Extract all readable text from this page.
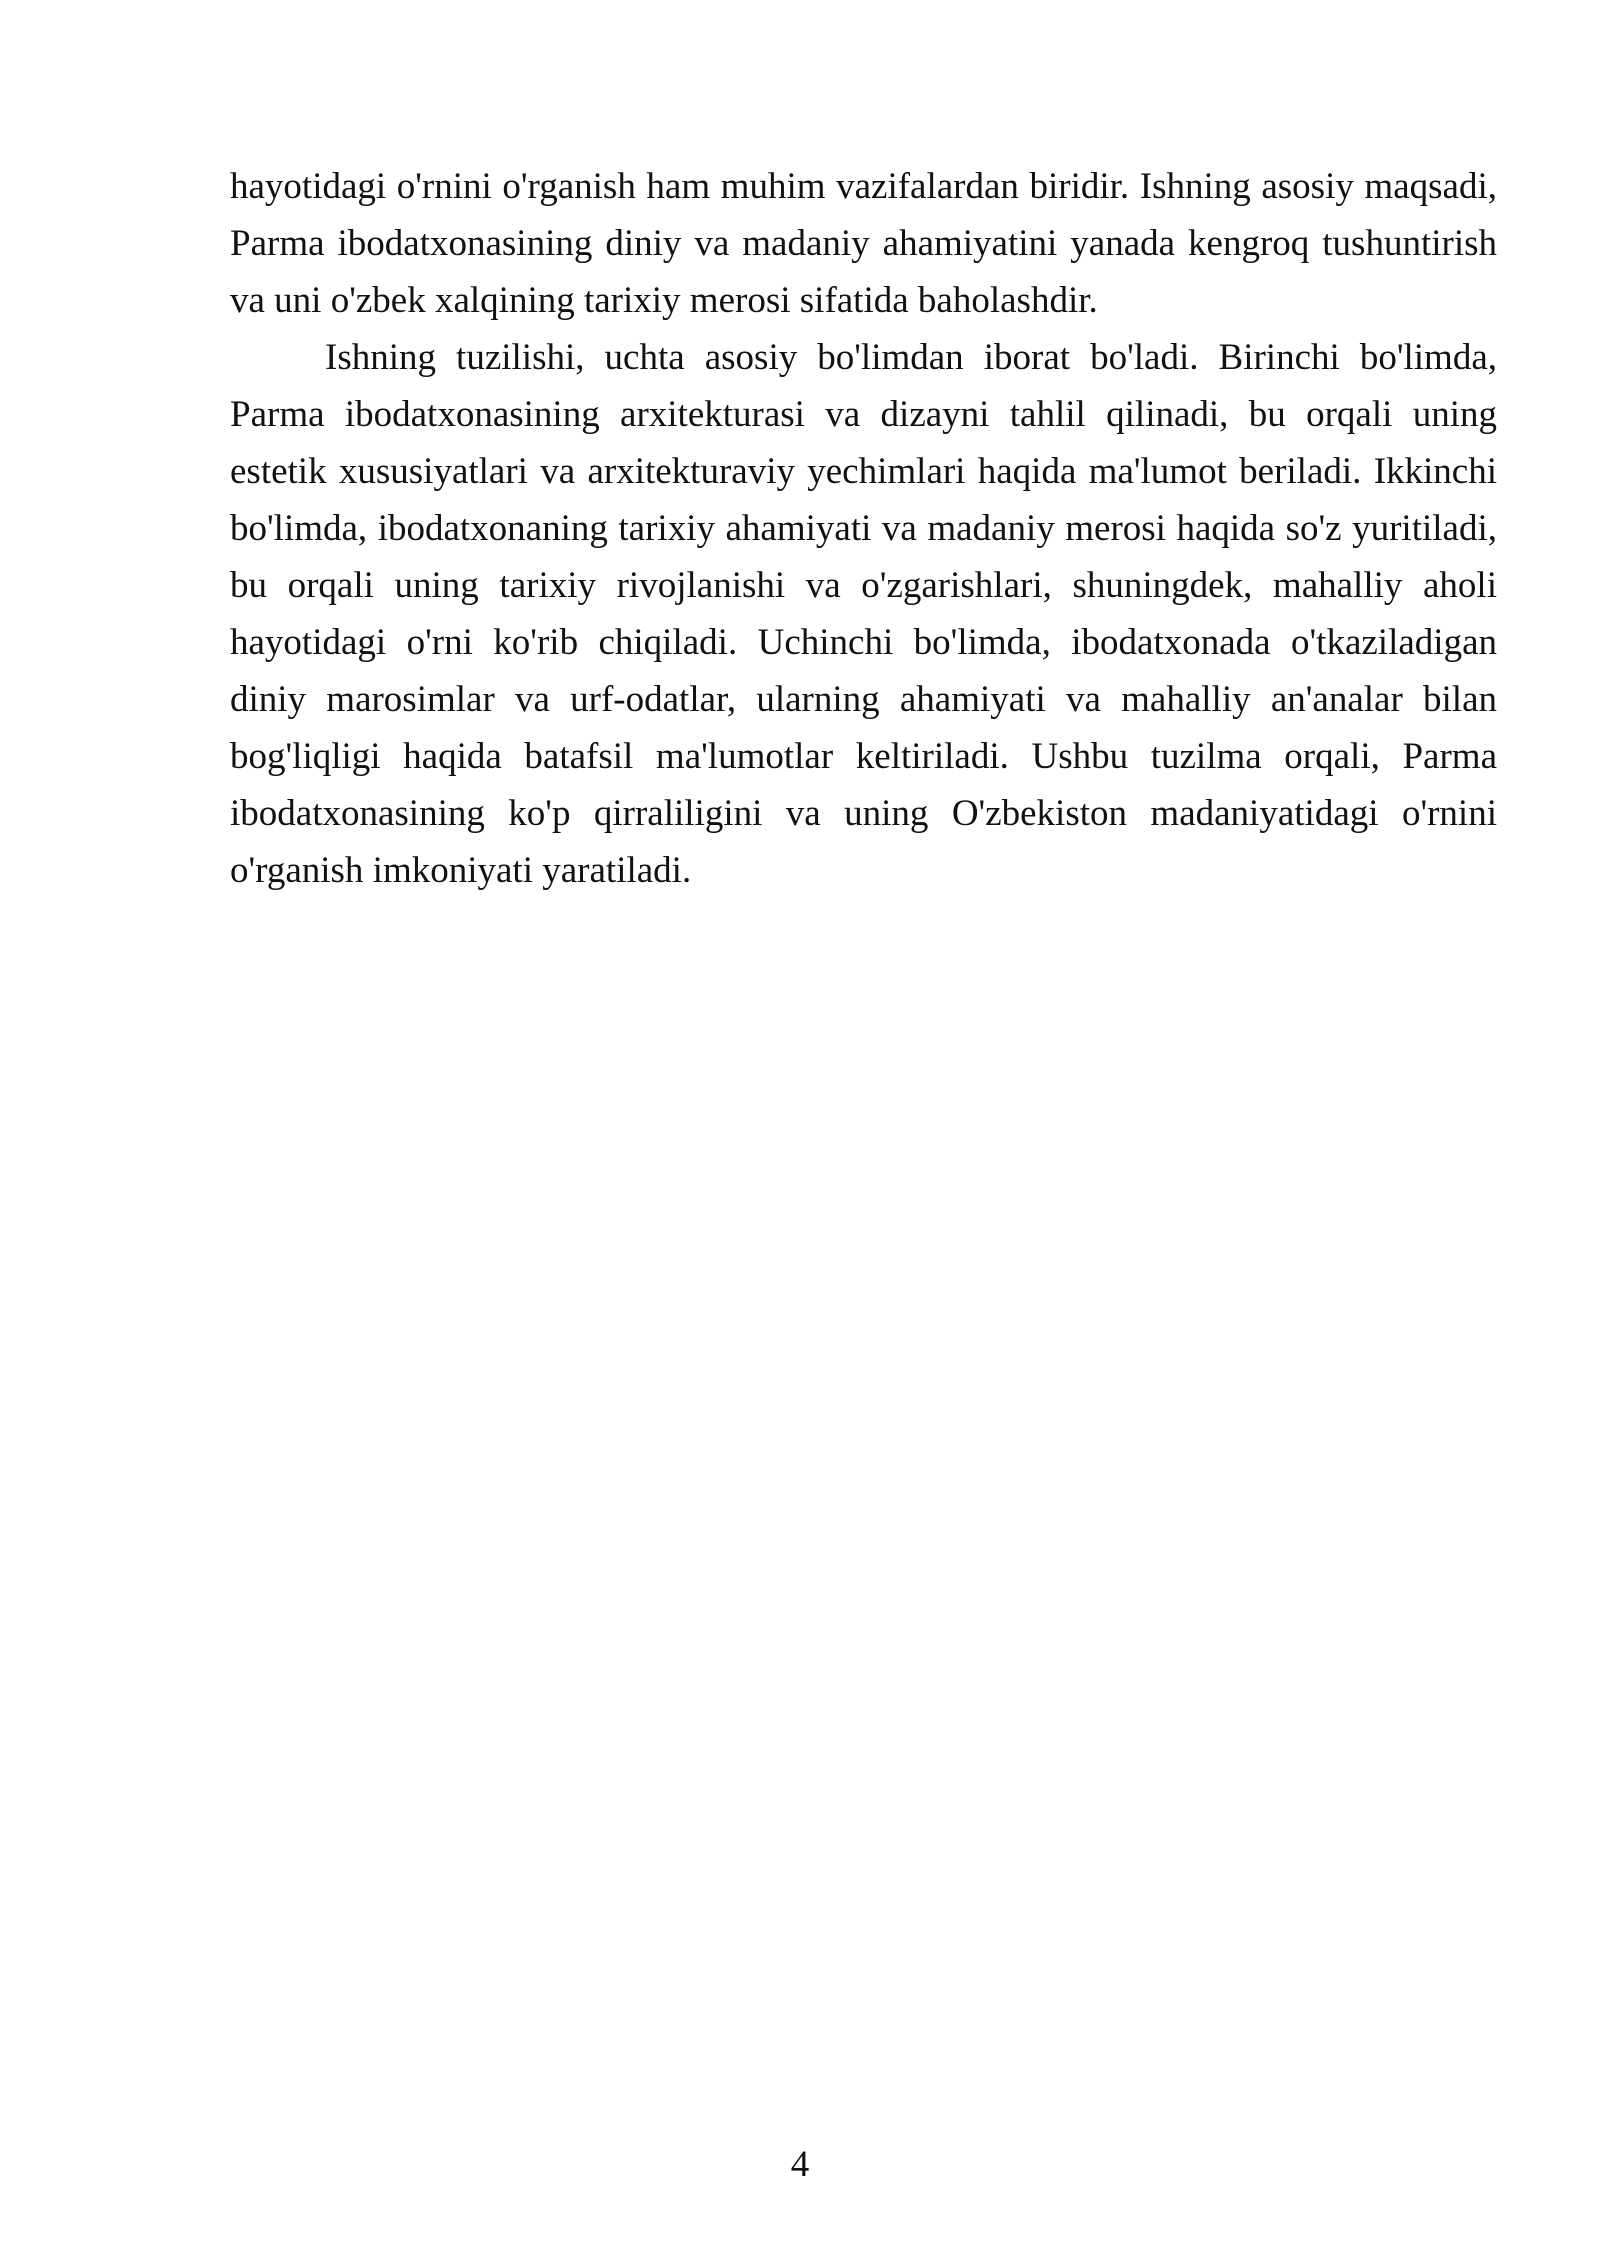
hayotidagi o'rnini o'rganish ham muhim vazifalardan biridir. Ishning asosiy maqsadi, Parma ibodatxonasining diniy va madaniy ahamiyatini yanada kengroq tushuntirish va uni o'zbek xalqining tarixiy merosi sifatida baholashdir.

Ishning tuzilishi, uchta asosiy bo'limdan iborat bo'ladi. Birinchi bo'limda, Parma ibodatxonasining arxitekturasi va dizayni tahlil qilinadi, bu orqali uning estetik xususiyatlari va arxitekturaviy yechimlari haqida ma'lumot beriladi. Ikkinchi bo'limda, ibodatxonaning tarixiy ahamiyati va madaniy merosi haqida so'z yuritiladi, bu orqali uning tarixiy rivojlanishi va o'zgarishlari, shuningdek, mahalliy aholi hayotidagi o'rni ko'rib chiqiladi. Uchinchi bo'limda, ibodatxonada o'tkaziladigan diniy marosimlar va urf-odatlar, ularning ahamiyati va mahalliy an'analar bilan bog'liqligi haqida batafsil ma'lumotlar keltiriladi. Ushbu tuzilma orqali, Parma ibodatxonasining ko'p qirraliligini va uning O'zbekiston madaniyatidagi o'rnini o'rganish imkoniyati yaratiladi.

4
